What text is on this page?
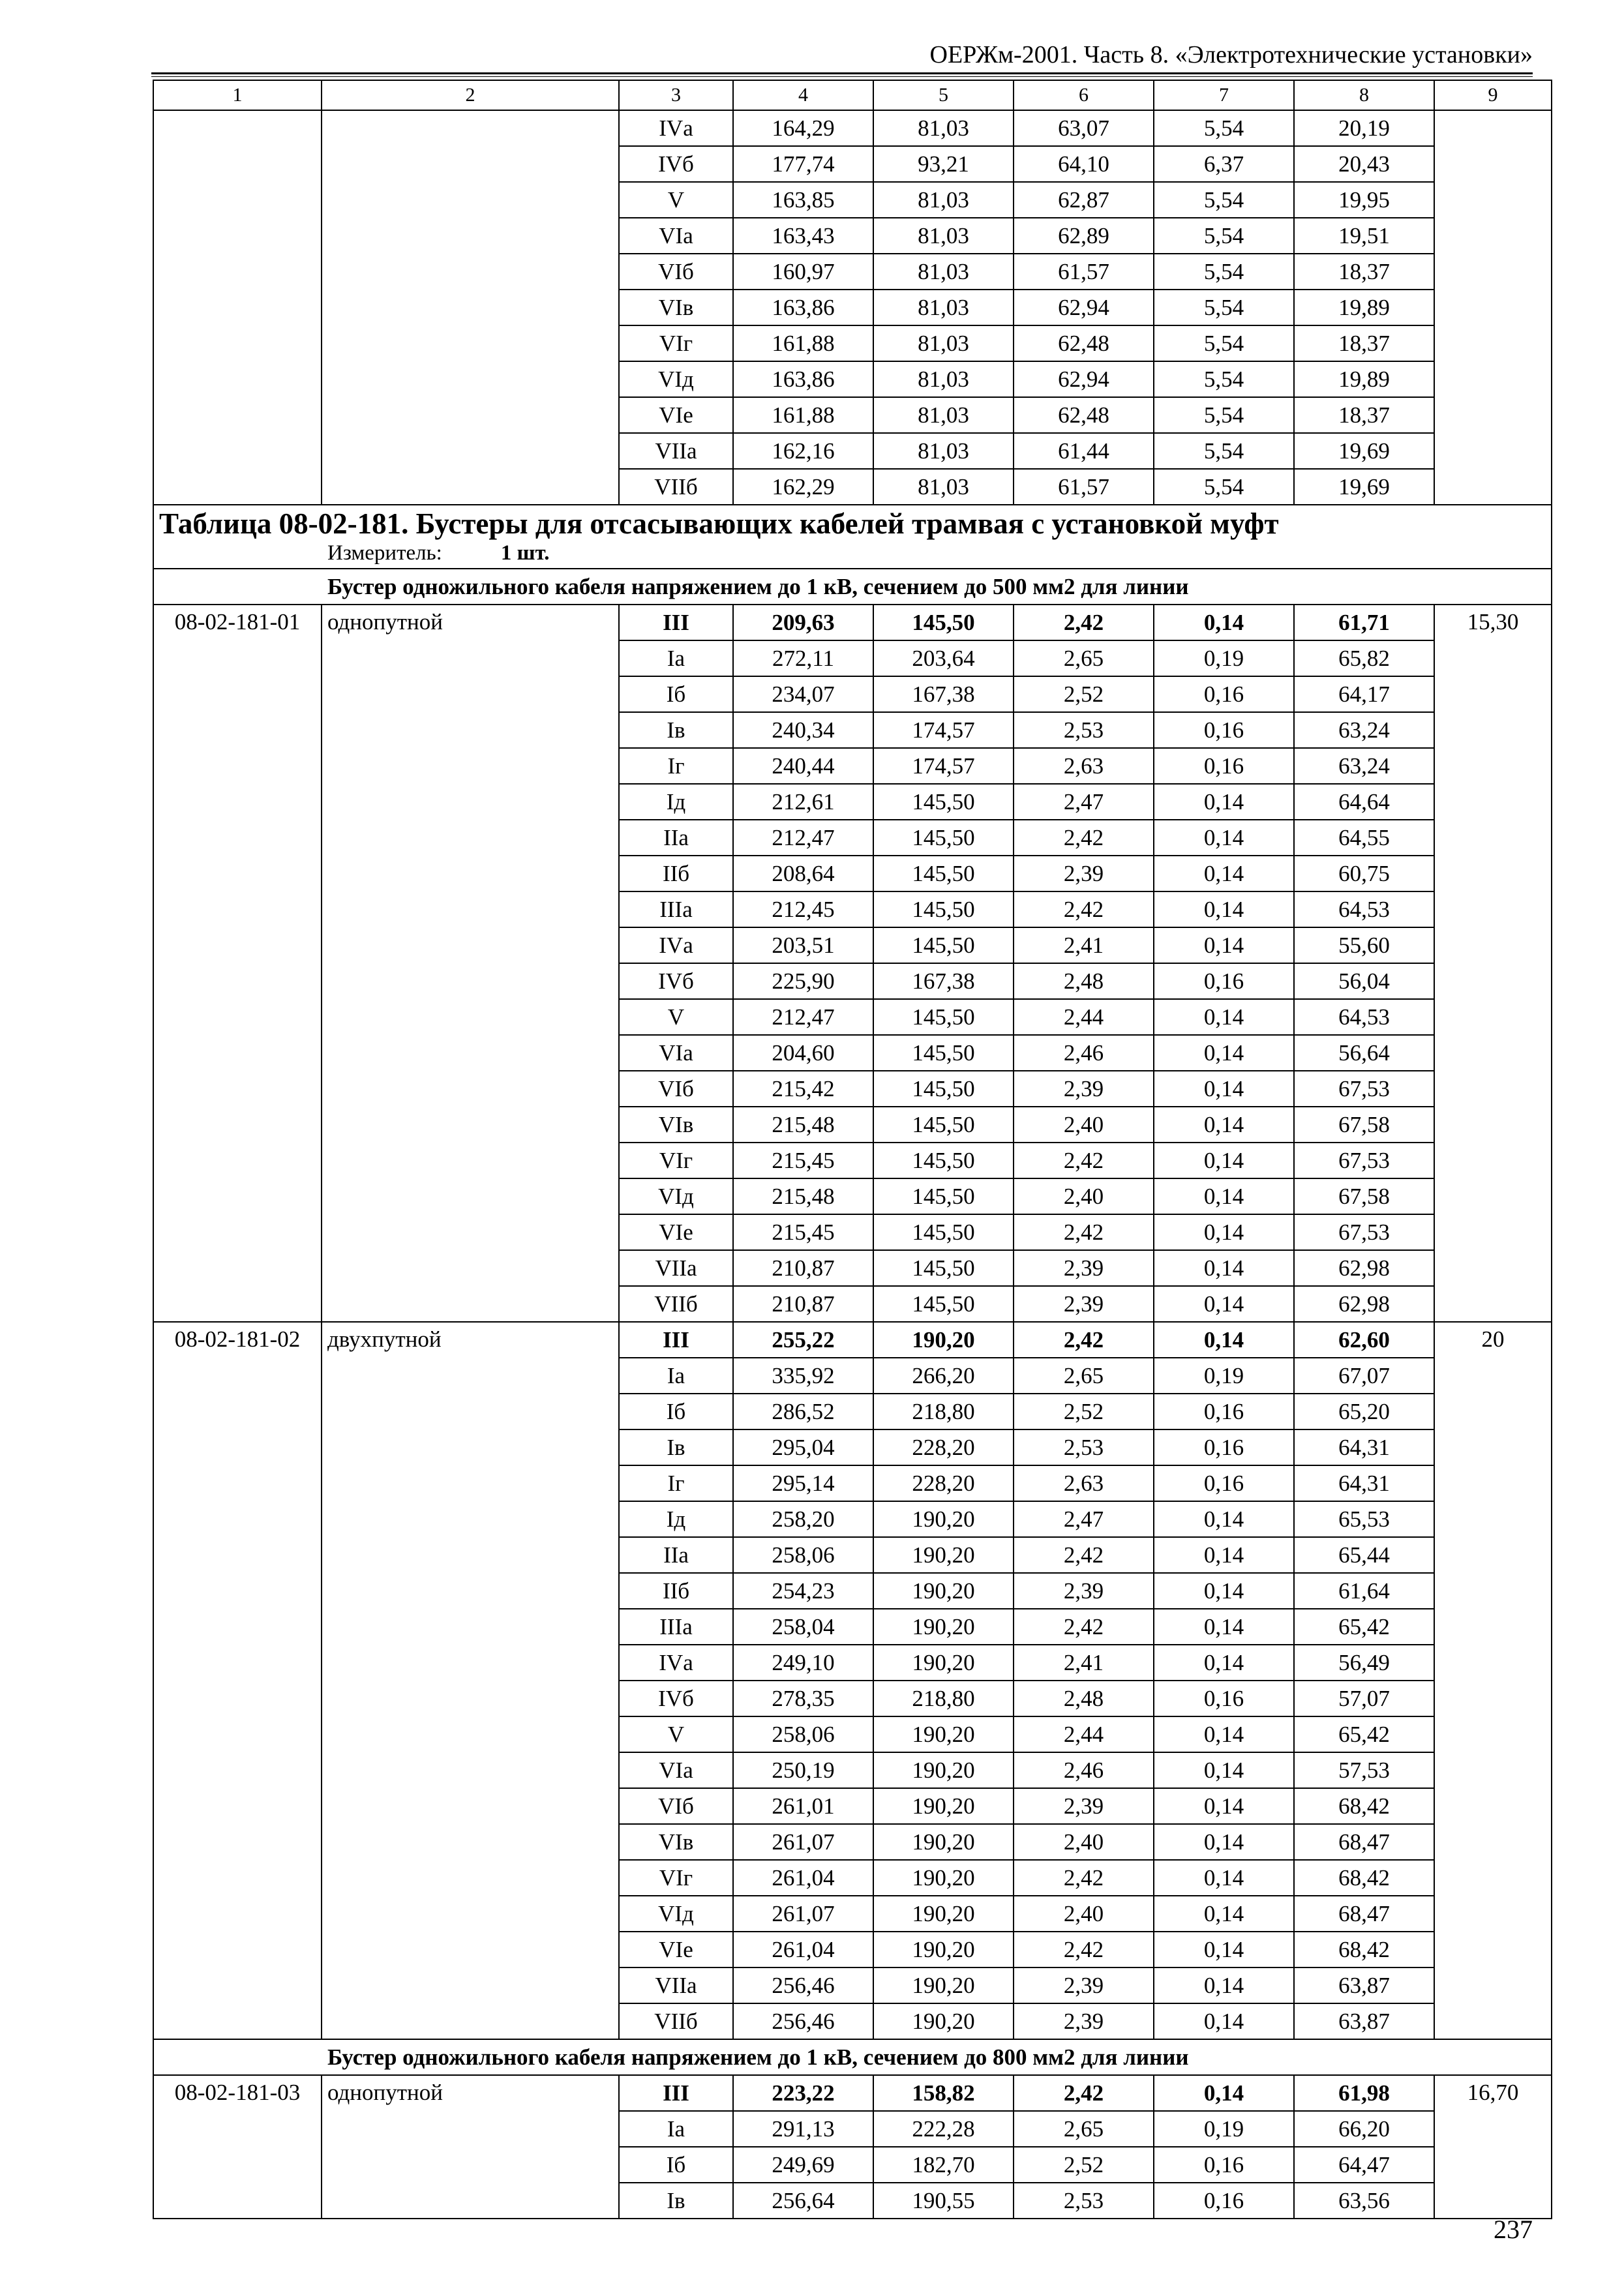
ОЕРЖм-2001. Часть 8. «Электротехнические установки»
1	2	3	4	5	6	7	8	9
		IVа	164,29	81,03	63,07	5,54	20,19	
		IVб	177,74	93,21	64,10	6,37	20,43	
		V	163,85	81,03	62,87	5,54	19,95	
		VIа	163,43	81,03	62,89	5,54	19,51	
		VIб	160,97	81,03	61,57	5,54	18,37	
		VIв	163,86	81,03	62,94	5,54	19,89	
		VIг	161,88	81,03	62,48	5,54	18,37	
		VIд	163,86	81,03	62,94	5,54	19,89	
		VIе	161,88	81,03	62,48	5,54	18,37	
		VIIа	162,16	81,03	61,44	5,54	19,69	
		VIIб	162,29	81,03	61,57	5,54	19,69	

Таблица 08-02-181. Бустеры для отсасывающих кабелей трамвая с установкой муфт
Измеритель: 1 шт.								

Бустер одножильного кабеля напряжением до 1 кВ, сечением до 500 мм2 для линии								
08-02-181-01	однопутной	III	209,63	145,50	2,42	0,14	61,71	15,30
		Iа	272,11	203,64	2,65	0,19	65,82	
		Iб	234,07	167,38	2,52	0,16	64,17	
		Iв	240,34	174,57	2,53	0,16	63,24	
		Iг	240,44	174,57	2,63	0,16	63,24	
		Iд	212,61	145,50	2,47	0,14	64,64	
		IIа	212,47	145,50	2,42	0,14	64,55	
		IIб	208,64	145,50	2,39	0,14	60,75	
		IIIа	212,45	145,50	2,42	0,14	64,53	
		IVа	203,51	145,50	2,41	0,14	55,60	
		IVб	225,90	167,38	2,48	0,16	56,04	
		V	212,47	145,50	2,44	0,14	64,53	
		VIа	204,60	145,50	2,46	0,14	56,64	
		VIб	215,42	145,50	2,39	0,14	67,53	
		VIв	215,48	145,50	2,40	0,14	67,58	
		VIг	215,45	145,50	2,42	0,14	67,53	
		VIд	215,48	145,50	2,40	0,14	67,58	
		VIе	215,45	145,50	2,42	0,14	67,53	
		VIIа	210,87	145,50	2,39	0,14	62,98	
		VIIб	210,87	145,50	2,39	0,14	62,98	
08-02-181-02	двухпутной	III	255,22	190,20	2,42	0,14	62,60	20
		Iа	335,92	266,20	2,65	0,19	67,07	
		Iб	286,52	218,80	2,52	0,16	65,20	
		Iв	295,04	228,20	2,53	0,16	64,31	
		Iг	295,14	228,20	2,63	0,16	64,31	
		Iд	258,20	190,20	2,47	0,14	65,53	
		IIа	258,06	190,20	2,42	0,14	65,44	
		IIб	254,23	190,20	2,39	0,14	61,64	
		IIIа	258,04	190,20	2,42	0,14	65,42	
		IVа	249,10	190,20	2,41	0,14	56,49	
		IVб	278,35	218,80	2,48	0,16	57,07	
		V	258,06	190,20	2,44	0,14	65,42	
		VIа	250,19	190,20	2,46	0,14	57,53	
		VIб	261,01	190,20	2,39	0,14	68,42	
		VIв	261,07	190,20	2,40	0,14	68,47	
		VIг	261,04	190,20	2,42	0,14	68,42	
		VIд	261,07	190,20	2,40	0,14	68,47	
		VIе	261,04	190,20	2,42	0,14	68,42	
		VIIа	256,46	190,20	2,39	0,14	63,87	
		VIIб	256,46	190,20	2,39	0,14	63,87	
Бустер одножильного кабеля напряжением до 1 кВ, сечением до 800 мм2 для линии								
08-02-181-03	однопутной	III	223,22	158,82	2,42	0,14	61,98	16,70
		Iа	291,13	222,28	2,65	0,19	66,20	
		Iб	249,69	182,70	2,52	0,16	64,47	
		Iв	256,64	190,55	2,53	0,16	63,56	
237
